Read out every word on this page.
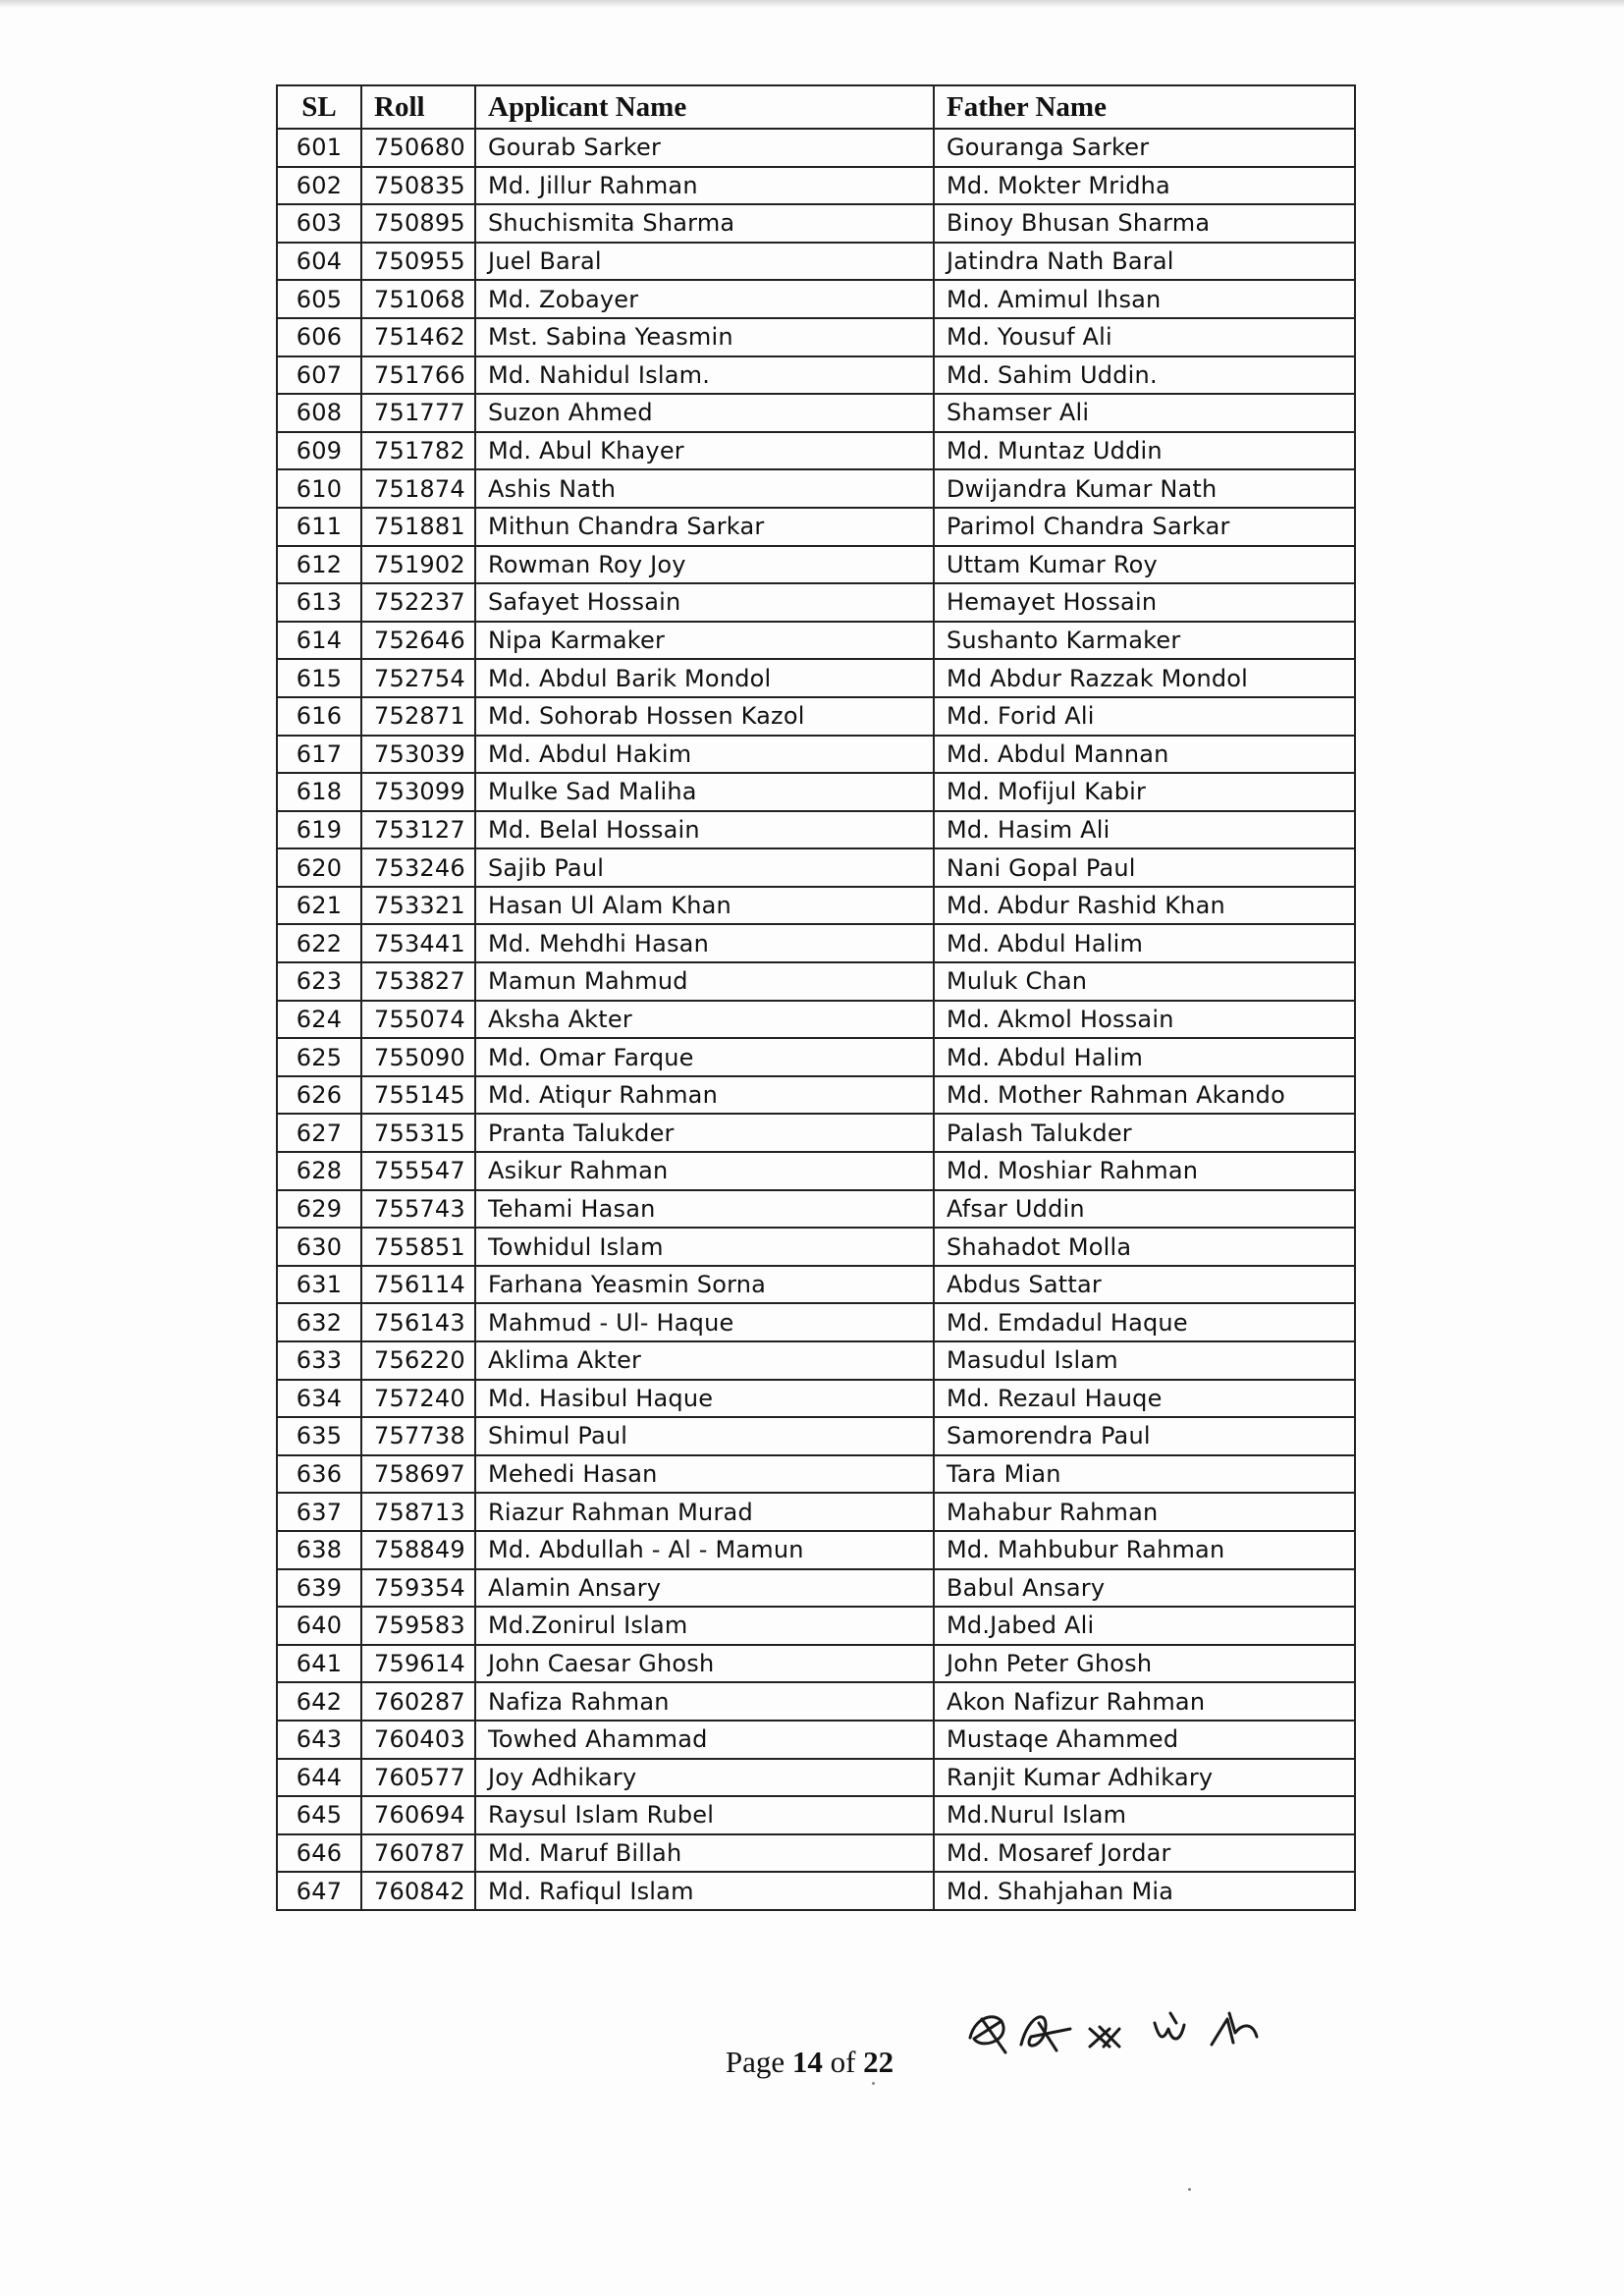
SL	Roll	Applicant Name	Father Name
601	750680	Gourab Sarker	Gouranga Sarker
602	750835	Md. Jillur Rahman	Md. Mokter Mridha
603	750895	Shuchismita Sharma	Binoy Bhusan Sharma
604	750955	Juel Baral	Jatindra Nath Baral
605	751068	Md. Zobayer	Md. Amimul Ihsan
606	751462	Mst. Sabina Yeasmin	Md. Yousuf Ali
607	751766	Md. Nahidul Islam.	Md. Sahim Uddin.
608	751777	Suzon Ahmed	Shamser Ali
609	751782	Md. Abul Khayer	Md. Muntaz Uddin
610	751874	Ashis Nath	Dwijandra Kumar Nath
611	751881	Mithun Chandra Sarkar	Parimol Chandra Sarkar
612	751902	Rowman Roy Joy	Uttam Kumar Roy
613	752237	Safayet Hossain	Hemayet Hossain
614	752646	Nipa Karmaker	Sushanto Karmaker
615	752754	Md. Abdul Barik Mondol	Md Abdur Razzak Mondol
616	752871	Md. Sohorab Hossen Kazol	Md. Forid Ali
617	753039	Md. Abdul Hakim	Md. Abdul Mannan
618	753099	Mulke Sad Maliha	Md. Mofijul Kabir
619	753127	Md. Belal Hossain	Md. Hasim Ali
620	753246	Sajib Paul	Nani Gopal Paul
621	753321	Hasan Ul Alam Khan	Md. Abdur Rashid Khan
622	753441	Md. Mehdhi Hasan	Md. Abdul Halim
623	753827	Mamun Mahmud	Muluk Chan
624	755074	Aksha Akter	Md. Akmol Hossain
625	755090	Md. Omar Farque	Md. Abdul Halim
626	755145	Md. Atiqur Rahman	Md. Mother Rahman Akando
627	755315	Pranta Talukder	Palash Talukder
628	755547	Asikur Rahman	Md. Moshiar Rahman
629	755743	Tehami Hasan	Afsar Uddin
630	755851	Towhidul Islam	Shahadot Molla
631	756114	Farhana Yeasmin Sorna	Abdus Sattar
632	756143	Mahmud - Ul- Haque	Md. Emdadul Haque
633	756220	Aklima Akter	Masudul Islam
634	757240	Md. Hasibul Haque	Md. Rezaul Hauqe
635	757738	Shimul Paul	Samorendra Paul
636	758697	Mehedi Hasan	Tara Mian
637	758713	Riazur Rahman Murad	Mahabur Rahman
638	758849	Md. Abdullah - Al - Mamun	Md. Mahbubur Rahman
639	759354	Alamin Ansary	Babul Ansary
640	759583	Md.Zonirul Islam	Md.Jabed Ali
641	759614	John Caesar Ghosh	John Peter Ghosh
642	760287	Nafiza Rahman	Akon Nafizur Rahman
643	760403	Towhed Ahammad	Mustaqe Ahammed
644	760577	Joy Adhikary	Ranjit Kumar Adhikary
645	760694	Raysul Islam Rubel	Md.Nurul Islam
646	760787	Md. Maruf Billah	Md. Mosaref Jordar
647	760842	Md. Rafiqul Islam	Md. Shahjahan Mia
Page 14 of 22
